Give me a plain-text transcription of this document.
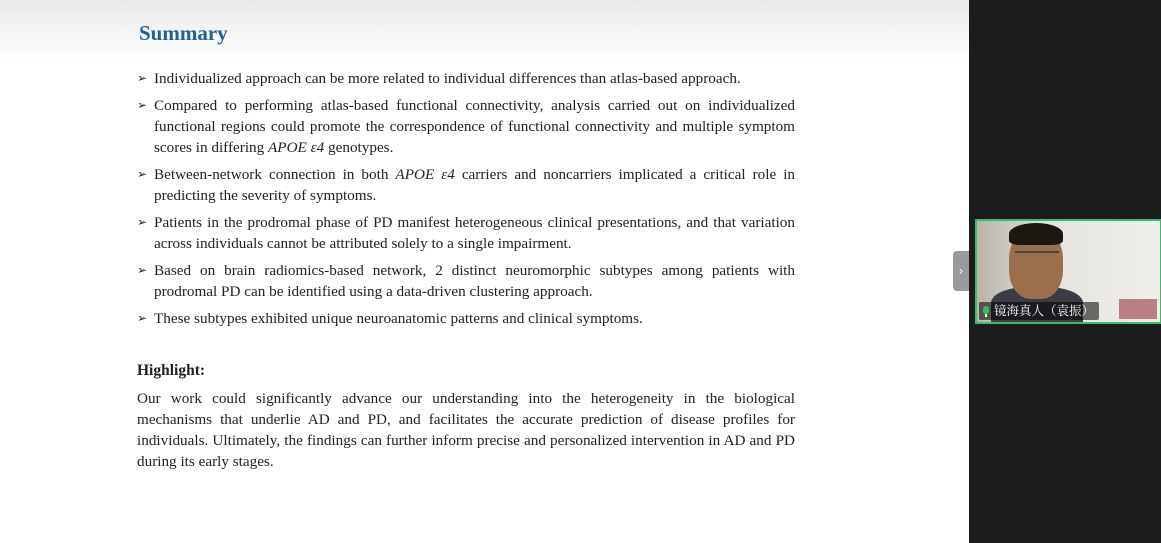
Summary
➢ Individualized approach can be more related to individual differences than atlas-based approach.
➢ Compared to performing atlas-based functional connectivity, analysis carried out on individualized functional regions could promote the correspondence of functional connectivity and multiple symptom scores in differing APOE ε4 genotypes.
➢ Between-network connection in both APOE ε4 carriers and noncarriers implicated a critical role in predicting the severity of symptoms.
➢ Patients in the prodromal phase of PD manifest heterogeneous clinical presentations, and that variation across individuals cannot be attributed solely to a single impairment.
➢ Based on brain radiomics-based network, 2 distinct neuromorphic subtypes among patients with prodromal PD can be identified using a data-driven clustering approach.
➢ These subtypes exhibited unique neuroanatomic patterns and clinical symptoms.
Highlight:
Our work could significantly advance our understanding into the heterogeneity in the biological mechanisms that underlie AD and PD, and facilitates the accurate prediction of disease profiles for individuals. Ultimately, the findings can further inform precise and personalized intervention in AD and PD during its early stages.
›
镜海真人（袁振）
